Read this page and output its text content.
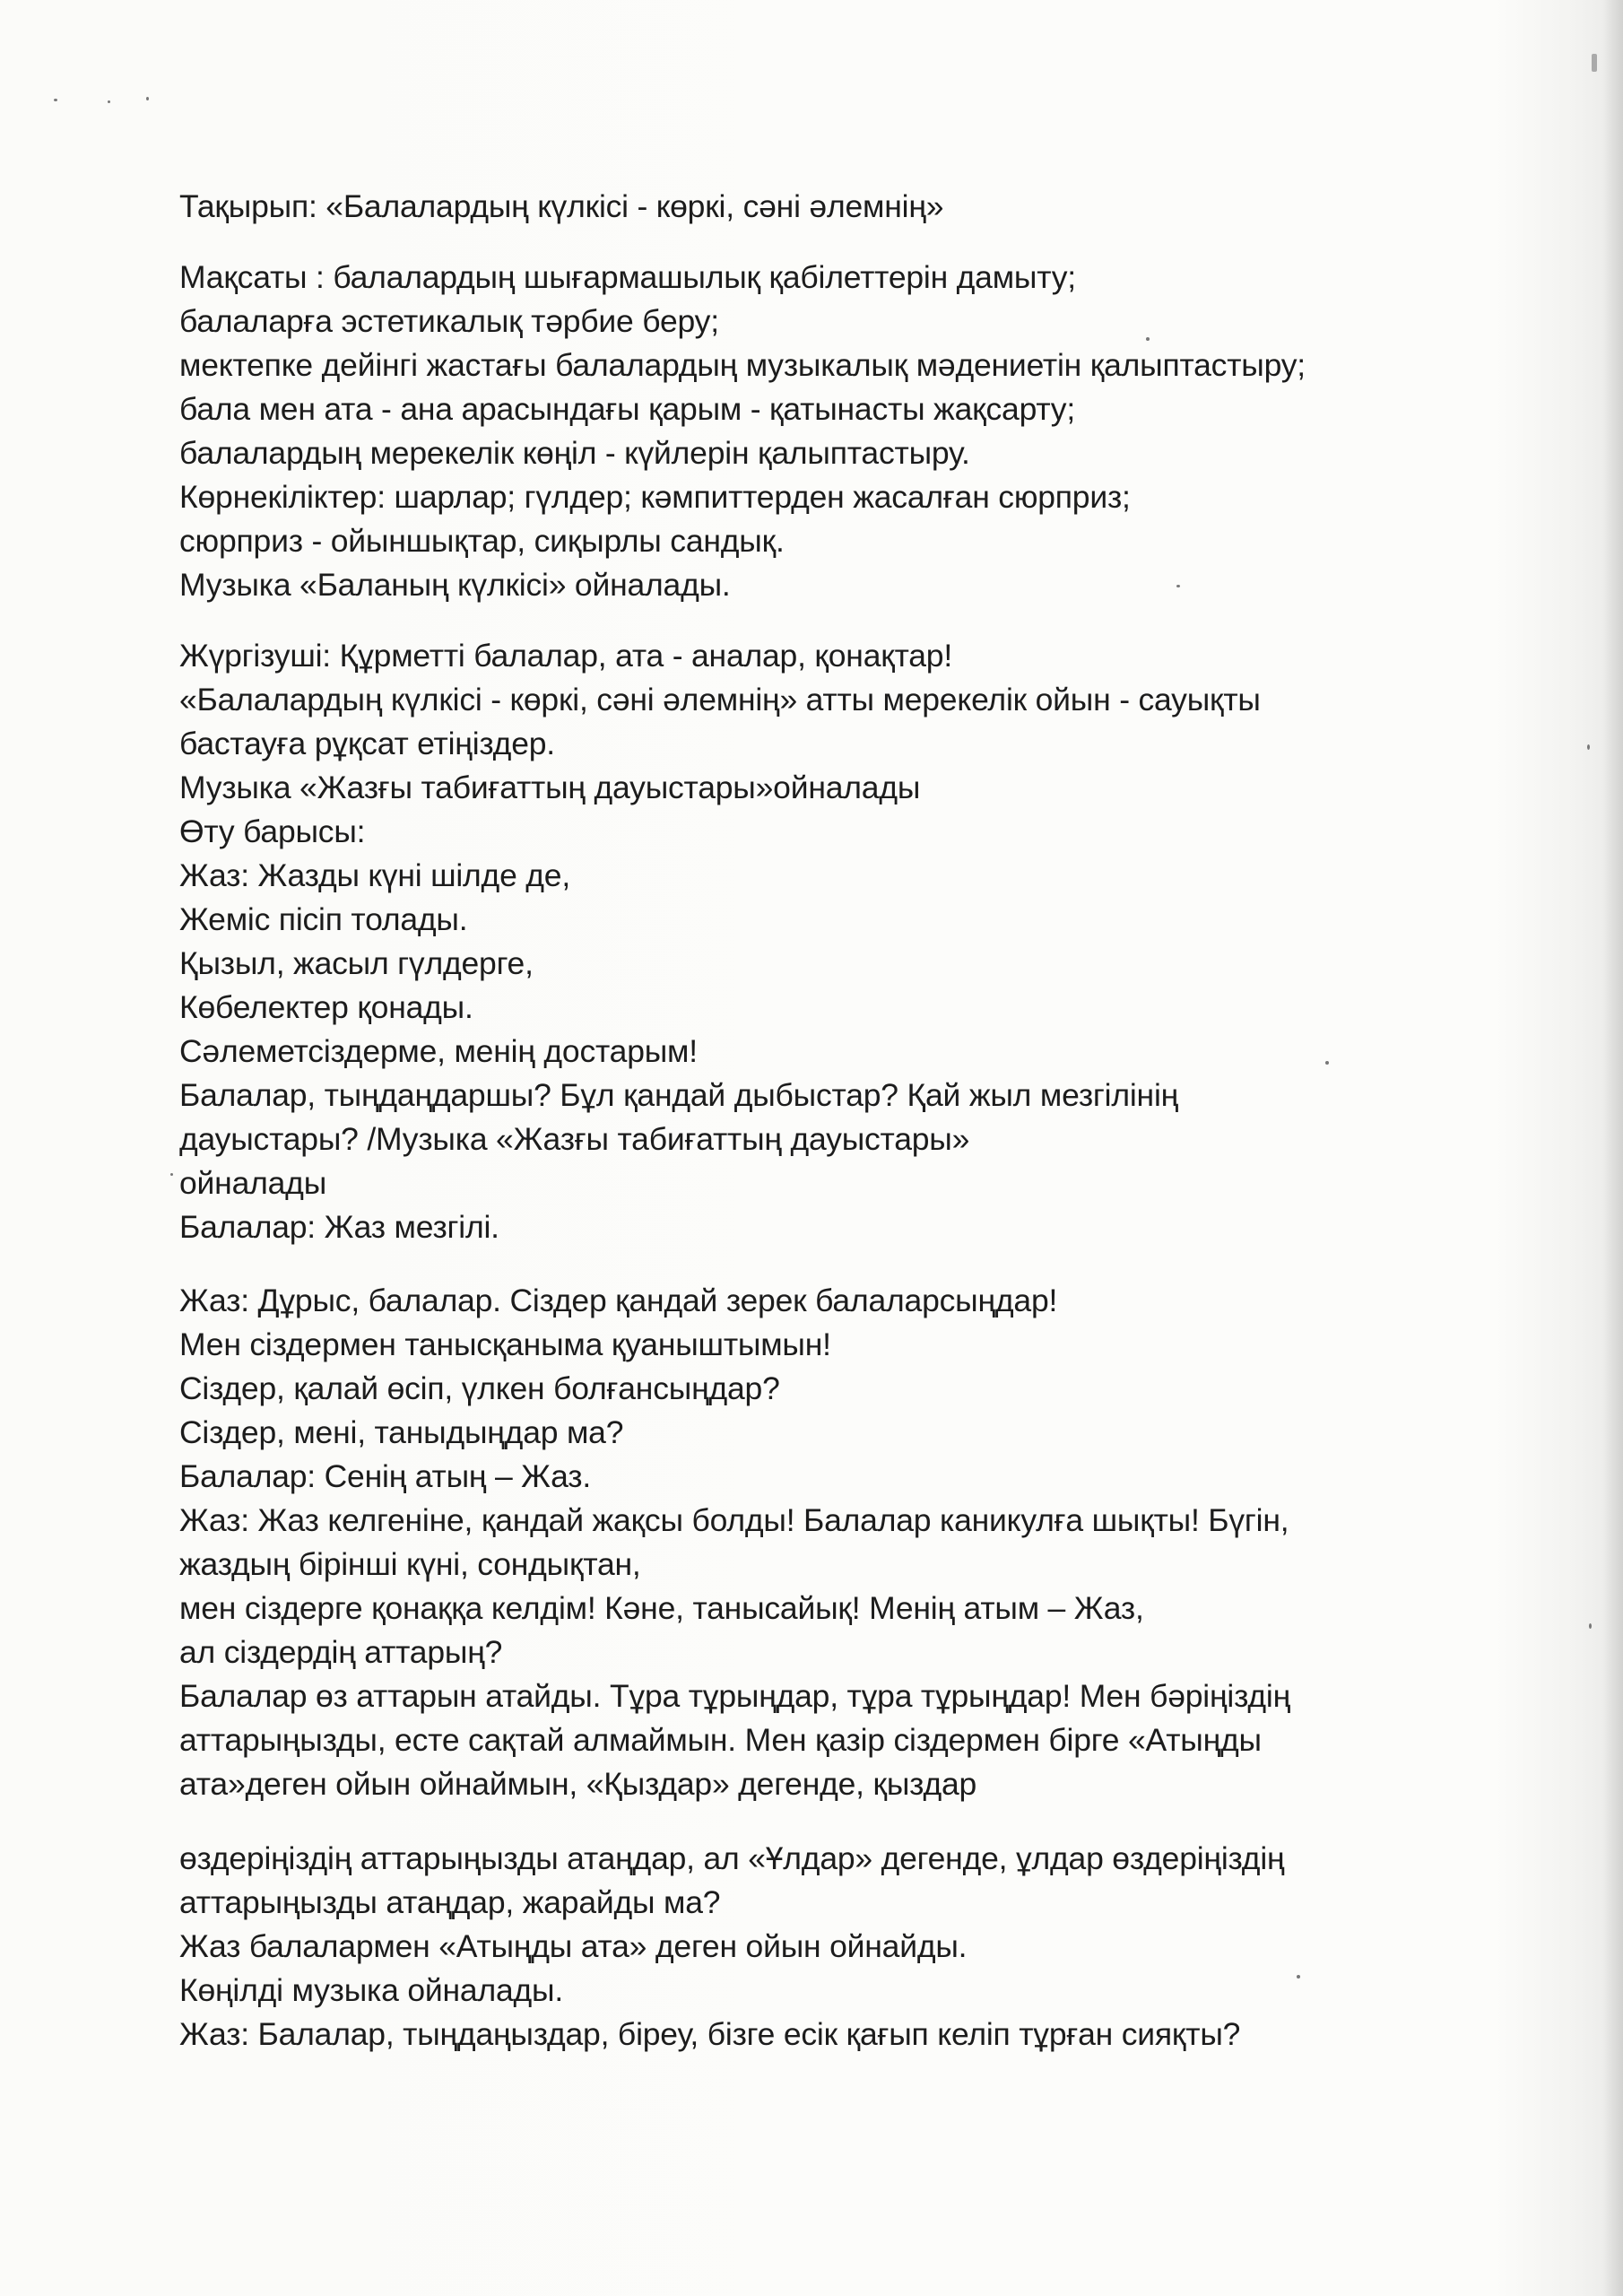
Тақырып: «Балалардың күлкісі - көркі, сәні әлемнің»
Мақсаты : балалардың шығармашылық қабілеттерін дамыту;
балаларға эстетикалық тәрбие беру;
мектепке дейінгі жастағы балалардың музыкалық мәдениетін қалыптастыру;
бала мен ата - ана арасындағы қарым - қатынасты жақсарту;
балалардың мерекелік көңіл - күйлерін қалыптастыру.
Көрнекіліктер: шарлар; гүлдер; кәмпиттерден жасалған сюрприз;
сюрприз - ойыншықтар, сиқырлы сандық.
Музыка «Баланың күлкісі» ойналады.
Жүргізуші: Құрметті балалар, ата - аналар, қонақтар!
«Балалардың күлкісі - көркі, сәні әлемнің» атты мерекелік ойын - сауықты
бастауға рұқсат етіңіздер.
Музыка «Жазғы табиғаттың дауыстары»ойналады
Өту барысы:
Жаз: Жазды күні шілде де,
Жеміс пісіп толады.
Қызыл, жасыл гүлдерге,
Көбелектер қонады.
Сәлеметсіздерме, менің достарым!
Балалар, тыңдаңдаршы? Бұл қандай дыбыстар? Қай жыл мезгілінің
дауыстары? /Музыка «Жазғы табиғаттың дауыстары»
ойналады
Балалар: Жаз мезгілі.
Жаз: Дұрыс, балалар. Сіздер қандай зерек балаларсыңдар!
Мен сіздермен танысқаныма қуаныштымын!
Сіздер, қалай өсіп, үлкен болғансыңдар?
Сіздер, мені, таныдыңдар ма?
Балалар: Сенің атың – Жаз.
Жаз: Жаз келгеніне, қандай жақсы болды! Балалар каникулға шықты! Бүгін,
жаздың бірінші күні, сондықтан,
мен сіздерге қонаққа келдім! Кәне, танысайық! Менің атым – Жаз,
ал сіздердің аттарың?
Балалар өз аттарын атайды. Тұра тұрыңдар, тұра тұрыңдар! Мен бәріңіздің
аттарыңызды, есте сақтай алмаймын. Мен қазір сіздермен бірге «Атыңды
ата»деген ойын ойнаймын, «Қыздар» дегенде, қыздар
өздеріңіздің аттарыңызды атаңдар, ал «Ұлдар» дегенде, ұлдар өздеріңіздің
аттарыңызды атаңдар, жарайды ма?
Жаз балалармен «Атыңды ата» деген ойын ойнайды.
Көңілді музыка ойналады.
Жаз: Балалар, тыңдаңыздар, біреу, бізге есік қағып келіп тұрған сияқты?
